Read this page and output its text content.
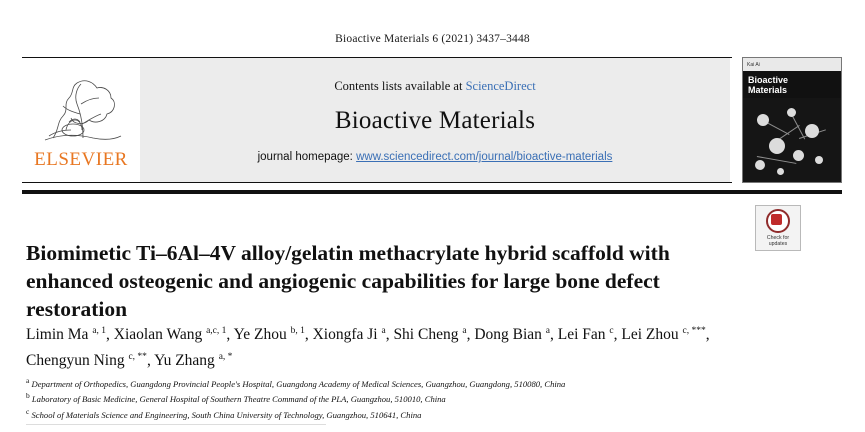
Bioactive Materials 6 (2021) 3437–3448
ELSEVIER
Contents lists available at ScienceDirect
Bioactive Materials
journal homepage: www.sciencedirect.com/journal/bioactive-materials
Kai Ai
Bioactive
Materials
Check for
updates
Biomimetic Ti–6Al–4V alloy/gelatin methacrylate hybrid scaffold with enhanced osteogenic and angiogenic capabilities for large bone defect restoration
Limin Ma $^{a, 1}$, Xiaolan Wang $^{a,c, 1}$, Ye Zhou $^{b, 1}$, Xiongfa Ji $^a$, Shi Cheng $^a$, Dong Bian $^a$, Lei Fan $^c$, Lei Zhou $^{c, ***}$, Chengyun Ning $^{c, **}$, Yu Zhang $^{a, *}$
a Department of Orthopedics, Guangdong Provincial People's Hospital, Guangdong Academy of Medical Sciences, Guangzhou, Guangdong, 510080, China
b Laboratory of Basic Medicine, General Hospital of Southern Theatre Command of the PLA, Guangzhou, 510010, China
c School of Materials Science and Engineering, South China University of Technology, Guangzhou, 510641, China
